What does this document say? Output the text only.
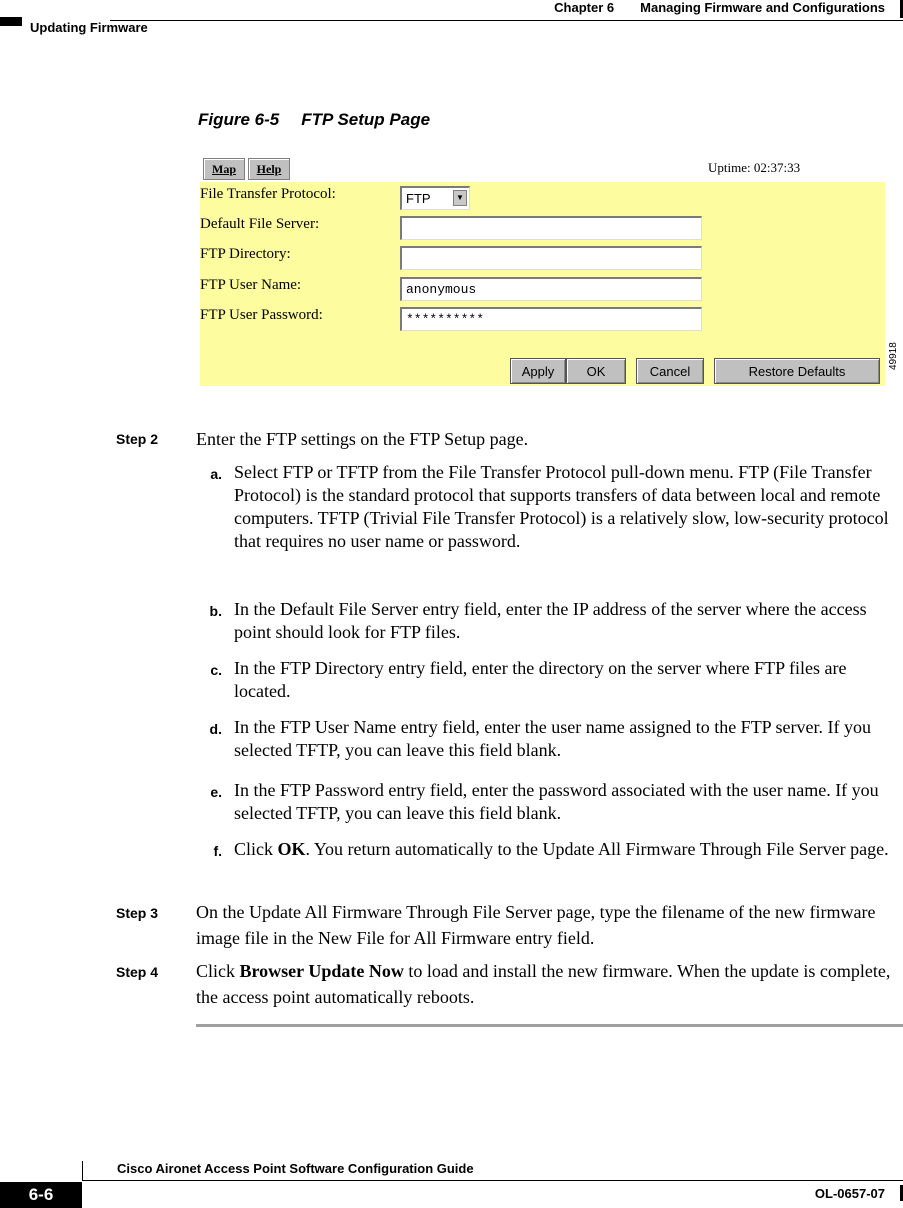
Chapter 6 Managing Firmware and Configurations
Updating Firmware
Figure 6-5 FTP Setup Page
Map	Help	Uptime: 02:37:33
File Transfer Protocol:	FTP	▼
Default File Server:
FTP Directory:
FTP User Name:	anonymous
FTP User Password:	**********
Apply	OK	Cancel	Restore Defaults
49918
Step 2 Enter the FTP settings on the FTP Setup page.
a. Select FTP or TFTP from the File Transfer Protocol pull-down menu. FTP (File Transfer Protocol) is the standard protocol that supports transfers of data between local and remote computers. TFTP (Trivial File Transfer Protocol) is a relatively slow, low-security protocol that requires no user name or password.
b. In the Default File Server entry field, enter the IP address of the server where the access point should look for FTP files.
c. In the FTP Directory entry field, enter the directory on the server where FTP files are located.
d. In the FTP User Name entry field, enter the user name assigned to the FTP server. If you selected TFTP, you can leave this field blank.
e. In the FTP Password entry field, enter the password associated with the user name. If you selected TFTP, you can leave this field blank.
f. Click OK. You return automatically to the Update All Firmware Through File Server page.
Step 3 On the Update All Firmware Through File Server page, type the filename of the new firmware image file in the New File for All Firmware entry field.
Step 4 Click Browser Update Now to load and install the new firmware. When the update is complete, the access point automatically reboots.
Cisco Aironet Access Point Software Configuration Guide
6-6	OL-0657-07
